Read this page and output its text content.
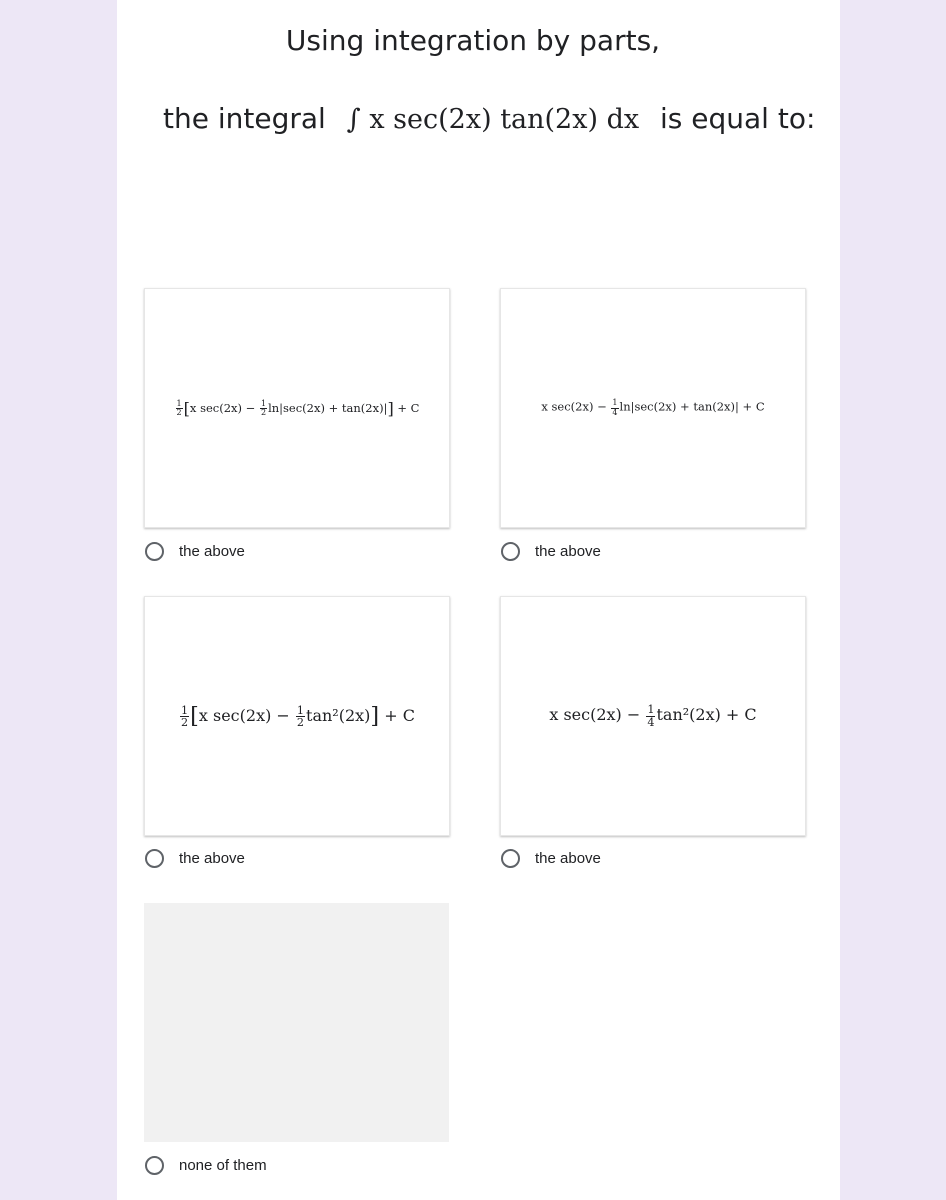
Using integration by parts,
the integral ∫ x sec(2x) tan(2x) dx is equal to:
$\frac{1}{2} [x$ $\sec(2x) - \frac{1}{2} \ln|\sec(2x) + \tan(2x)|] + C$
the above
x $\sec(2x) - \frac{1}{4} \ln|\sec(2x) + \tan(2x)| + C$
the above
$\frac{1}{2} [x$ $\sec(2x) - \frac{1}{2} \tan^2(2x)] + C$
the above
x $\sec(2x) - \frac{1}{4} \tan^2(2x) + C$
the above
none of them
